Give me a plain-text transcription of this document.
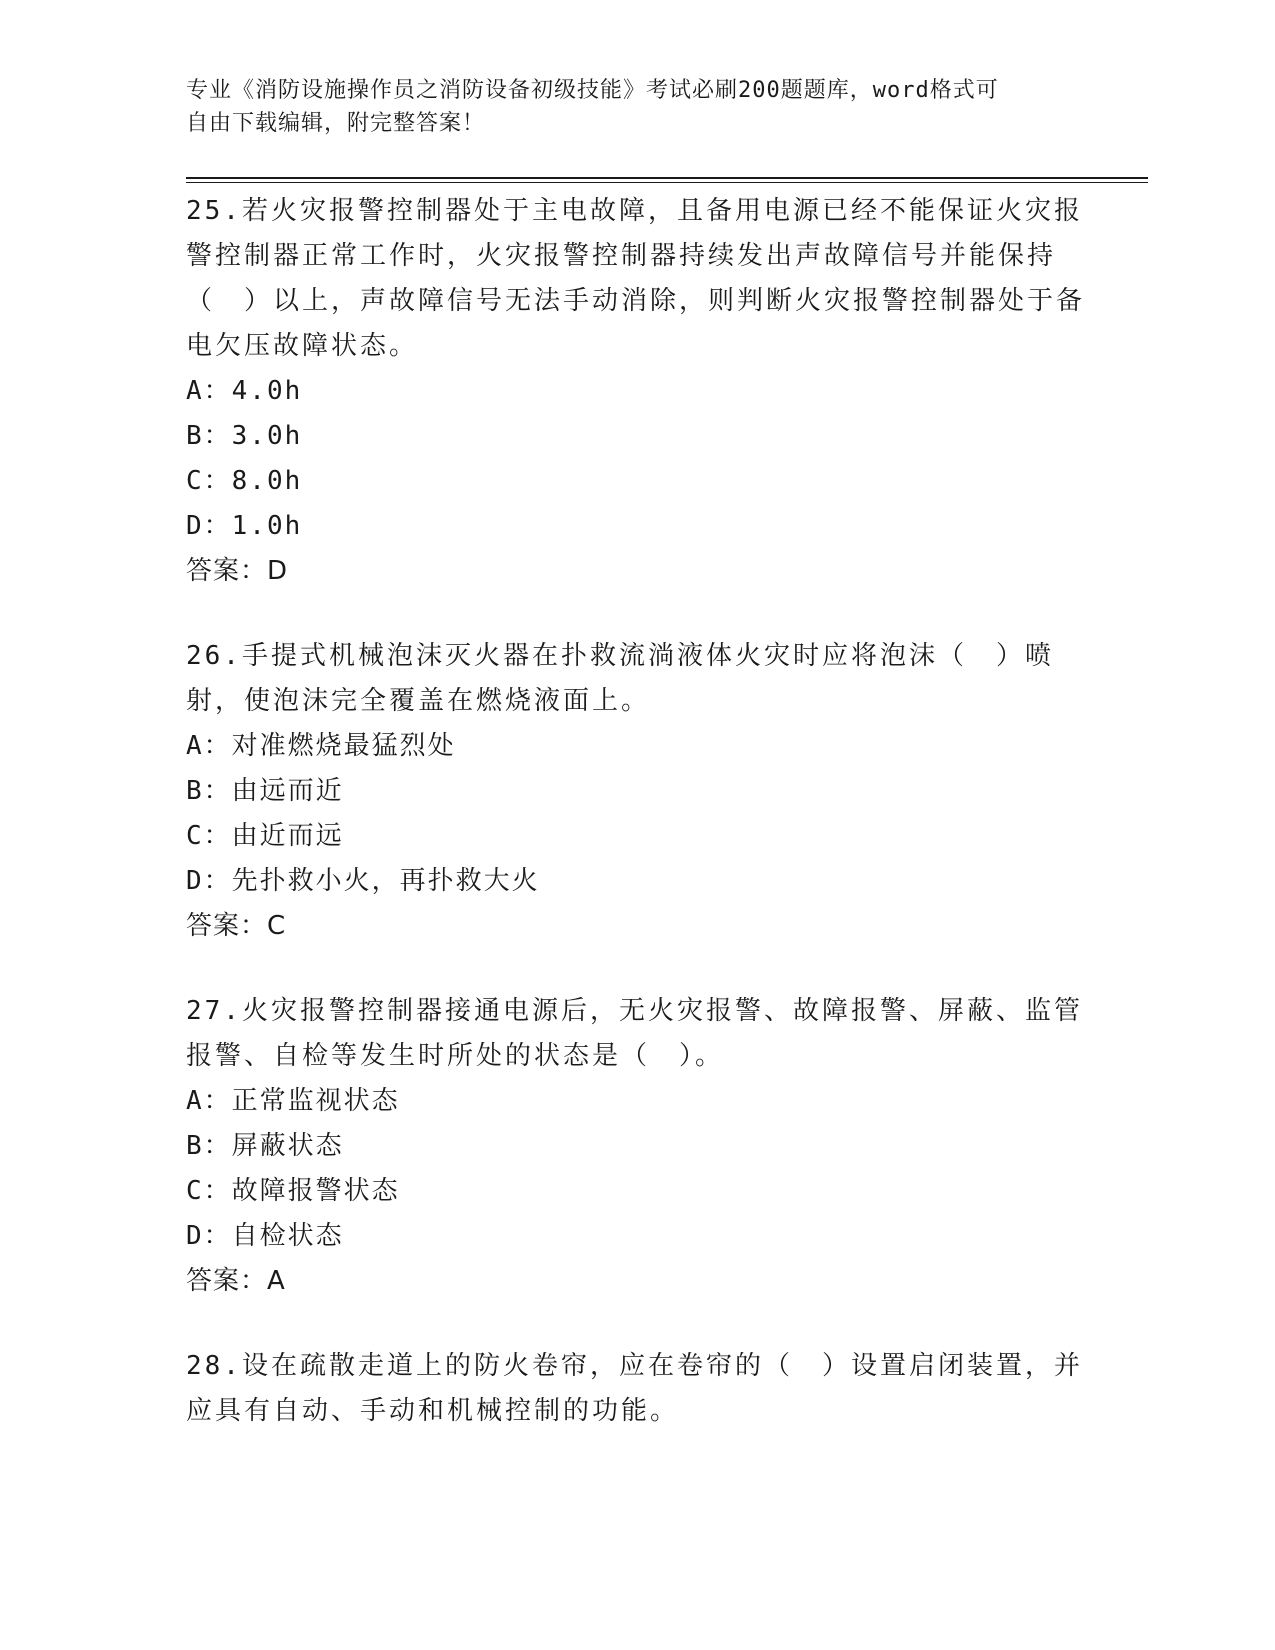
专业《消防设施操作员之消防设备初级技能》考试必刷200题题库，word格式可
自由下载编辑，附完整答案！

25.若火灾报警控制器处于主电故障，且备用电源已经不能保证火灾报警控制器正常工作时，火灾报警控制器持续发出声故障信号并能保持（　）以上，声故障信号无法手动消除，则判断火灾报警控制器处于备电欠压故障状态。

A：4.0h

B：3.0h

C：8.0h

D：1.0h

答案：D

26.手提式机械泡沫灭火器在扑救流淌液体火灾时应将泡沫（　）喷射，使泡沫完全覆盖在燃烧液面上。

A：对准燃烧最猛烈处

B：由远而近

C：由近而远

D：先扑救小火，再扑救大火

答案：C

27.火灾报警控制器接通电源后，无火灾报警、故障报警、屏蔽、监管报警、自检等发生时所处的状态是（　）。

A：正常监视状态

B：屏蔽状态

C：故障报警状态

D：自检状态

答案：A

28.设在疏散走道上的防火卷帘，应在卷帘的（　）设置启闭装置，并应具有自动、手动和机械控制的功能。
